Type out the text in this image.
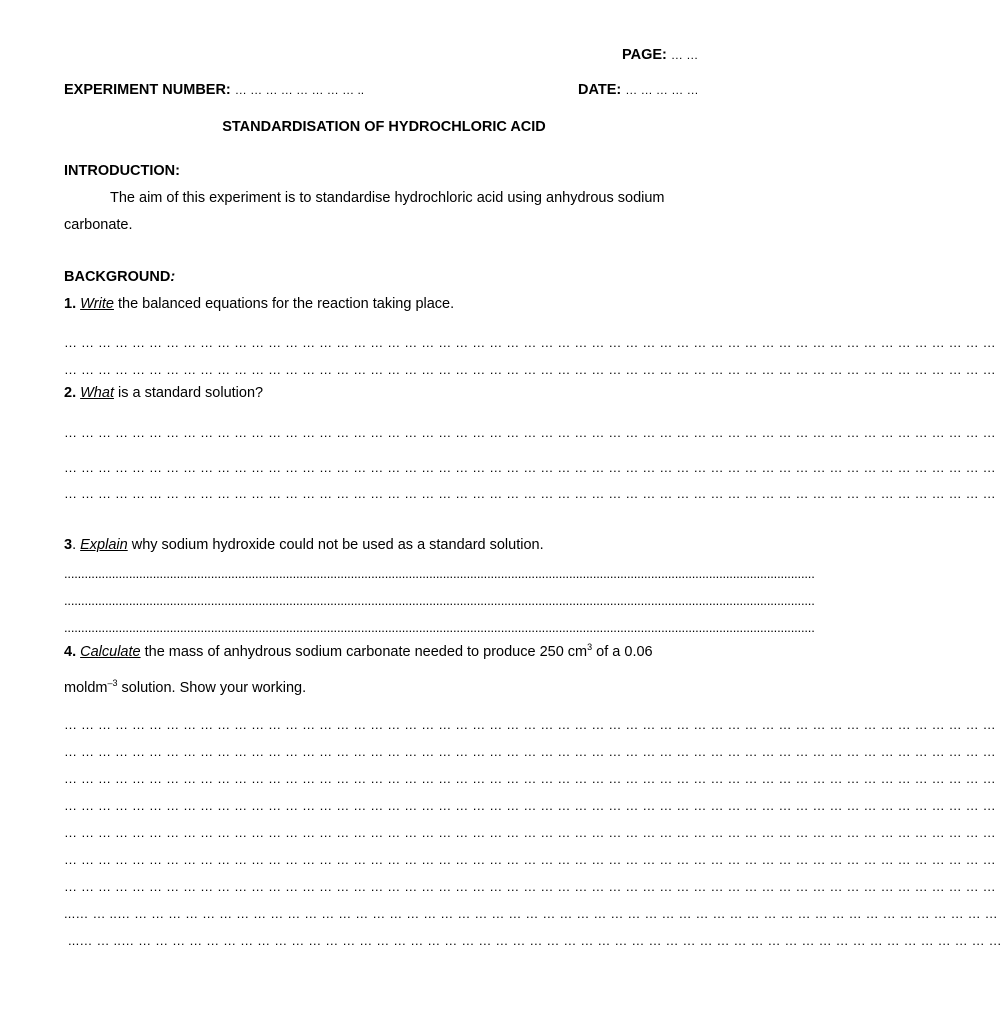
PAGE: … …
EXPERIMENT NUMBER: … … … … … … … … ..	DATE: … … … … …
STANDARDISATION OF HYDROCHLORIC ACID
INTRODUCTION:
The aim of this experiment is to standardise hydrochloric acid using anhydrous sodium
carbonate.
BACKGROUND:
1. Write the balanced equations for the reaction taking place.
… … … … … … … … … … … … … … … … … … … … … … … … … … … … … … … … … … … … … … … … … … … … … … … … … … … … … … …
… … … … … … … … … … … … … … … … … … … … … … … … … … … … … … … … … … … … … … … … … … … … … … … … … … … … … … …
2. What is a standard solution?
… … … … … … … … … … … … … … … … … … … … … … … … … … … … … … … … … … … … … … … … … … … … … … … … … … … … … … …
… … … … … … … … … … … … … … … … … … … … … … … … … … … … … … … … … … … … … … … … … … … … … … … … … … … … … … …
… … … … … … … … … … … … … … … … … … … … … … … … … … … … … … … … … … … … … … … … … … … … … … … … … … … … … … …
3. Explain why sodium hydroxide could not be used as a standard solution.
............................................................................................................................................................................................................................
............................................................................................................................................................................................................................
............................................................................................................................................................................................................................
4. Calculate the mass of anhydrous sodium carbonate needed to produce 250 $cm^3$ of a 0.06
moldm$^{-3}$ solution. Show your working.
… … … … … … … … … … … … … … … … … … … … … … … … … … … … … … … … … … … … … … … … … … … … … … … … … … … … … … …
… … … … … … … … … … … … … … … … … … … … … … … … … … … … … … … … … … … … … … … … … … … … … … … … … … … … … … …
… … … … … … … … … … … … … … … … … … … … … … … … … … … … … … … … … … … … … … … … … … … … … … … … … … … … … … …
… … … … … … … … … … … … … … … … … … … … … … … … … … … … … … … … … … … … … … … … … … … … … … … … … … … … … … …
… … … … … … … … … … … … … … … … … … … … … … … … … … … … … … … … … … … … … … … … … … … … … … … … … … … … … … …
… … … … … … … … … … … … … … … … … … … … … … … … … … … … … … … … … … … … … … … … … … … … … … … … … … … … … … …
… … … … … … … … … … … … … … … … … … … … … … … … … … … … … … … … … … … … … … … … … … … … … … … … … … … … … … …
...… … ..… … … … … … … … … … … … … … … … … … … … … … … … … … … … … … … … … … … … … … … … … … … … … … … … … … … …
...… … ..… … … … … … … … … … … … … … … … … … … … … … … … … … … … … … … … … … … … … … … … … … … … … … … … … … … …
